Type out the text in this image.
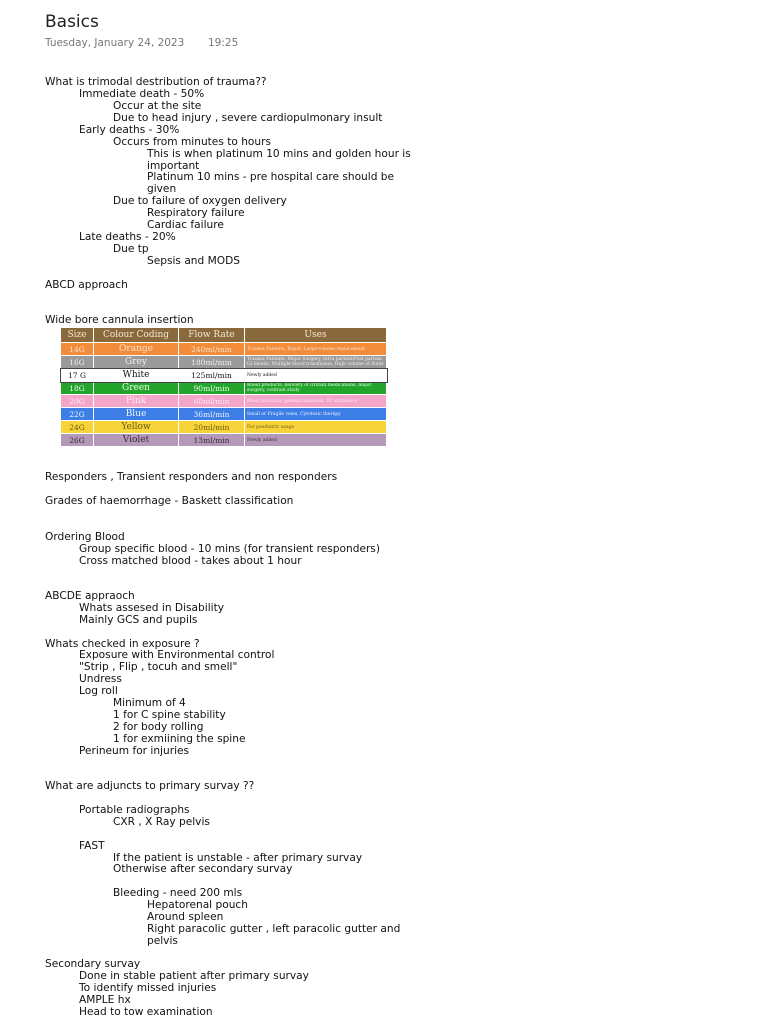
Basics
Tuesday, January 24, 2023 19:25
What is trimodal destribution of trauma??
Immediate death - 50%
Occur at the site
Due to head injury , severe cardiopulmonary insult
Early deaths - 30%
Occurs from minutes to hours
This is when platinum 10 mins and golden hour is
important
Platinum 10 mins - pre hospital care should be
given
Due to failure of oxygen delivery
Respiratory failure
Cardiac failure
Late deaths - 20%
Due tp
Sepsis and MODS
ABCD approach
Wide bore cannula insertion
Responders , Transient responders and non responders
Grades of haemorrhage - Baskett classification
Ordering Blood
Group specific blood - 10 mins (for transient responders)
Cross matched blood - takes about 1 hour
ABCDE appraoch
Whats assesed in Disability
Mainly GCS and pupils
Whats checked in exposure ?
Exposure with Environmental control
"Strip , Flip , tocuh and smell"
Undress
Log roll
Minimum of 4
1 for C spine stability
2 for body rolling
1 for exmiining the spine
Perineum for injuries
What are adjuncts to primary survay ??
Portable radiographs
CXR , X Ray pelvis
FAST
If the patient is unstable - after primary survay
Otherwise after secondary survay
Bleeding - need 200 mls
Hepatorenal pouch
Around spleen
Right paracolic gutter , left paracolic gutter and
pelvis
Secondary survay
Done in stable patient after primary survay
To identify missed injuries
AMPLE hx
Head to tow examination
Size	Colour Coding	Flow Rate	Uses
14G	Orange	240ml/min	Trauma Patients, Rapid, Large-volume replacement
16G	Grey	180ml/min	Trauma Patients, Major Surgery, Intra partum/Post partum, GI bleeds, Multiple blood transfusion, High volume of fluids
17 G	White	125ml/min	Newly added
18G	Green	90ml/min	Blood products, delivery of irritant medications, major surgery, contrast study
20G	Pink	60ml/min	Blood products, general infusions, IV antibiotics
22G	Blue	36ml/min	Small or Fragile veins, Cytotoxic therapy
24G	Yellow	20ml/min	For paediatric usage
26G	Violet	13ml/min	Newly added
